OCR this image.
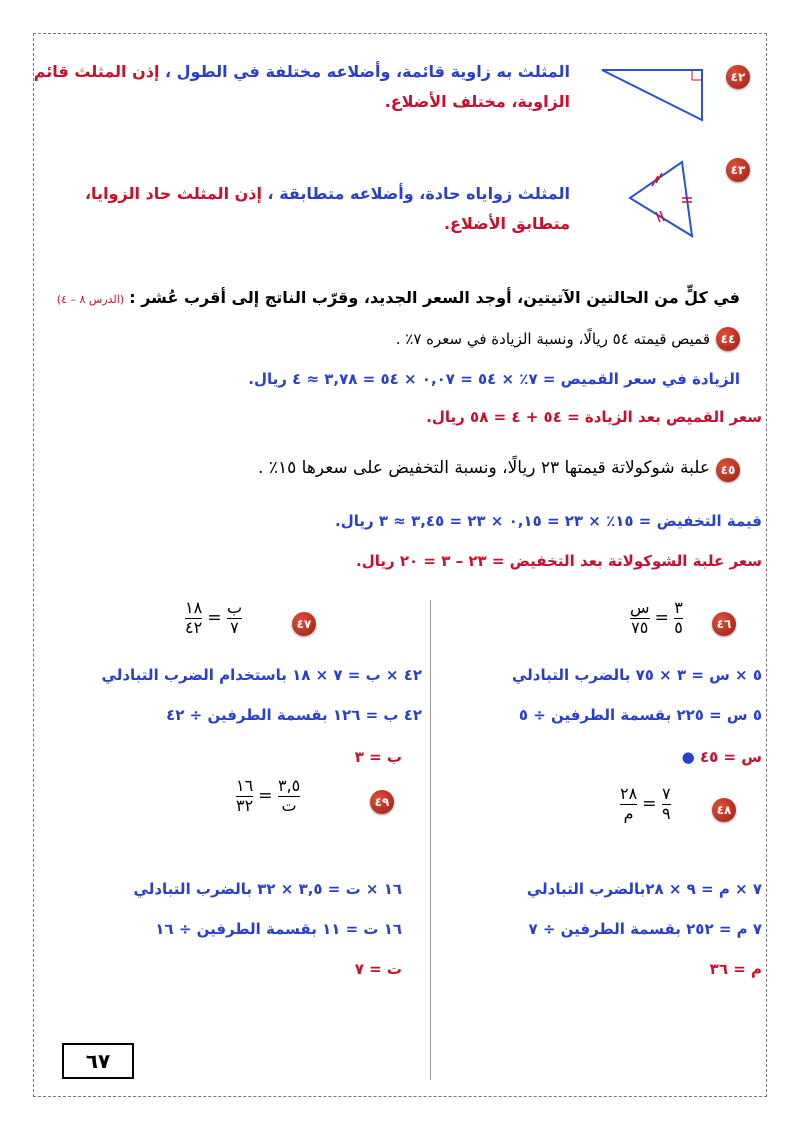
٤٢
المثلث به زاوية قائمة، وأضلاعه مختلفة في الطول ، إذن المثلث قائم
الزاوية، مختلف الأضلاع.
٤٣
المثلث زواياه حادة، وأضلاعه متطابقة ، إذن المثلث حاد الزوايا،
متطابق الأضلاع.
في كلٍّ من الحالتين الآتيتين، أوجد السعر الجديد، وقرّب الناتج إلى أقرب عُشر : (الدرس ٨ – ٤)
٤٤
قميص قيمته ٥٤ ريالًا، ونسبة الزيادة في سعره ٧٪ .
الزيادة في سعر القميص = ٧٪ × ٥٤ = ٠,٠٧ × ٥٤ = ٣,٧٨ ≈ ٤ ريال.
سعر القميص بعد الزيادة = ٥٤ + ٤ = ٥٨ ريال.
٤٥
علبة شوكولاتة قيمتها ٢٣ ريالًا، ونسبة التخفيض على سعرها ١٥٪ .
قيمة التخفيض = ١٥٪ × ٢٣ = ٠,١٥ × ٢٣ = ٣,٤٥ ≈ ٣ ريال.
سعر علبة الشوكولاتة بعد التخفيض = ٢٣ – ٣ = ٢٠ ريال.
٤٦
$\frac{\text{س}}{٧٥} = \frac{٣}{٥}$
٥ × س = ٣ × ٧٥ بالضرب التبادلي
٥ س = ٢٢٥ بقسمة الطرفين ÷ ٥
س = ٤٥ ●
٤٧
$\frac{١٨}{٤٢} = \frac{\text{ب}}{٧}$
٤٢ × ب = ٧ × ١٨ باستخدام الضرب التبادلي
٤٢ ب = ١٢٦ بقسمة الطرفين ÷ ٤٢
ب = ٣
٤٨
$\frac{٢٨}{\text{م}} = \frac{٧}{٩}$
٧ × م = ٩ × ٢٨بالضرب التبادلي
٧ م = ٢٥٢ بقسمة الطرفين ÷ ٧
م = ٣٦
٤٩
$\frac{١٦}{٣٢} = \frac{٣,٥}{\text{ت}}$
١٦ × ت = ٣,٥ × ٣٢ بالضرب التبادلي
١٦ ت = ١١ بقسمة الطرفين ÷ ١٦
ت = ٧
٦٧
